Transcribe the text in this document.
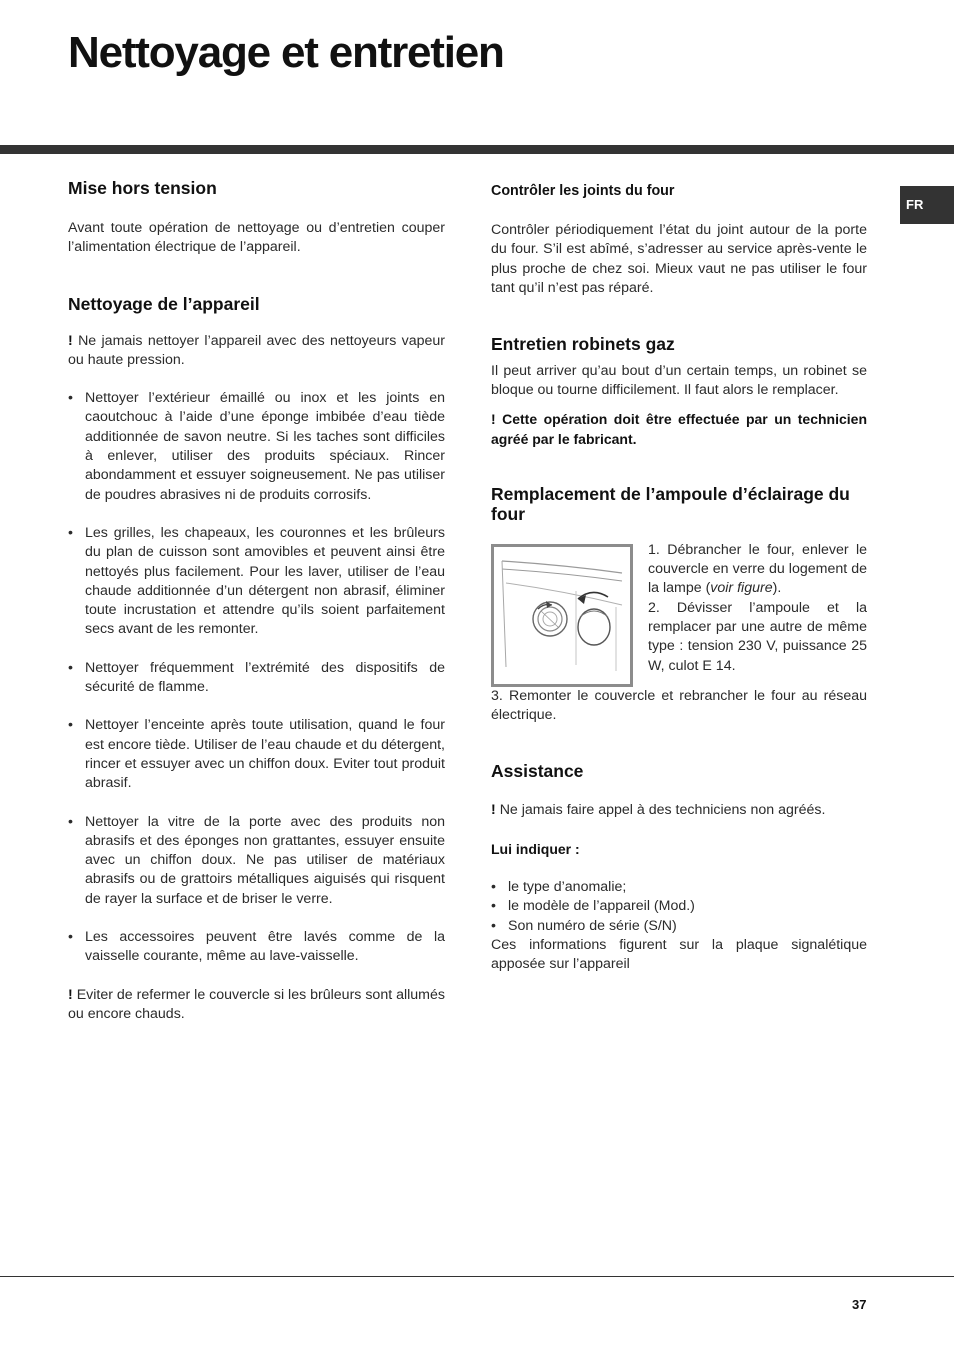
Nettoyage et entretien
FR
Mise hors tension

Avant toute opération de nettoyage ou d’entretien couper l’alimentation électrique de l’appareil.

Nettoyage de l’appareil

! Ne jamais nettoyer l’appareil avec des nettoyeurs vapeur ou haute pression.

• Nettoyer l’extérieur émaillé ou inox et les joints en caoutchouc à l’aide d’une éponge imbibée d’eau tiède additionnée de savon neutre. Si les taches sont difficiles à enlever, utiliser des produits spéciaux. Rincer abondamment et essuyer soigneusement. Ne pas utiliser de poudres abrasives ni de produits corrosifs.
• Les grilles, les chapeaux, les couronnes et les brûleurs du plan de cuisson sont amovibles et peuvent ainsi être nettoyés plus facilement. Pour les laver, utiliser de l’eau chaude additionnée d’un détergent non abrasif, éliminer toute incrustation et attendre qu’ils soient parfaitement secs avant de les remonter.
• Nettoyer fréquemment l’extrémité des dispositifs de sécurité de flamme.
• Nettoyer l’enceinte après toute utilisation, quand le four est encore tiède. Utiliser de l’eau chaude et du détergent, rincer et essuyer avec un chiffon doux. Eviter tout produit abrasif.
• Nettoyer la vitre de la porte avec des produits non abrasifs et des éponges non grattantes, essuyer ensuite avec un chiffon doux. Ne pas utiliser de matériaux abrasifs ou de grattoirs métalliques aiguisés qui risquent de rayer la surface et de briser le verre.
• Les accessoires peuvent être lavés comme de la vaisselle courante, même au lave-vaisselle.

! Eviter de refermer le couvercle si les brûleurs sont allumés ou encore chauds.

Contrôler les joints du four

Contrôler périodiquement l’état du joint autour de la porte du four. S’il est abîmé, s’adresser au service après-vente le plus proche de chez soi. Mieux vaut ne pas utiliser le four tant qu’il n’est pas réparé.

Entretien robinets gaz

Il peut arriver qu’au bout d’un certain temps, un robinet se bloque ou tourne difficilement. Il faut alors le remplacer.

! Cette opération doit être effectuée par un technicien agréé par le fabricant.

Remplacement de l’ampoule d’éclairage du four

1. Débrancher le four, enlever le couvercle en verre du logement de la lampe (voir figure).

2. Dévisser l’ampoule et la remplacer par une autre de même type : tension 230 V, puissance 25 W, culot E 14.

3. Remonter le couvercle et rebrancher le four au réseau électrique.

Assistance

! Ne jamais faire appel à des techniciens non agréés.

Lui indiquer :

• le type d’anomalie;
• le modèle de l’appareil (Mod.)
• Son numéro de série (S/N)

Ces informations figurent sur la plaque signalétique apposée sur l’appareil

37
